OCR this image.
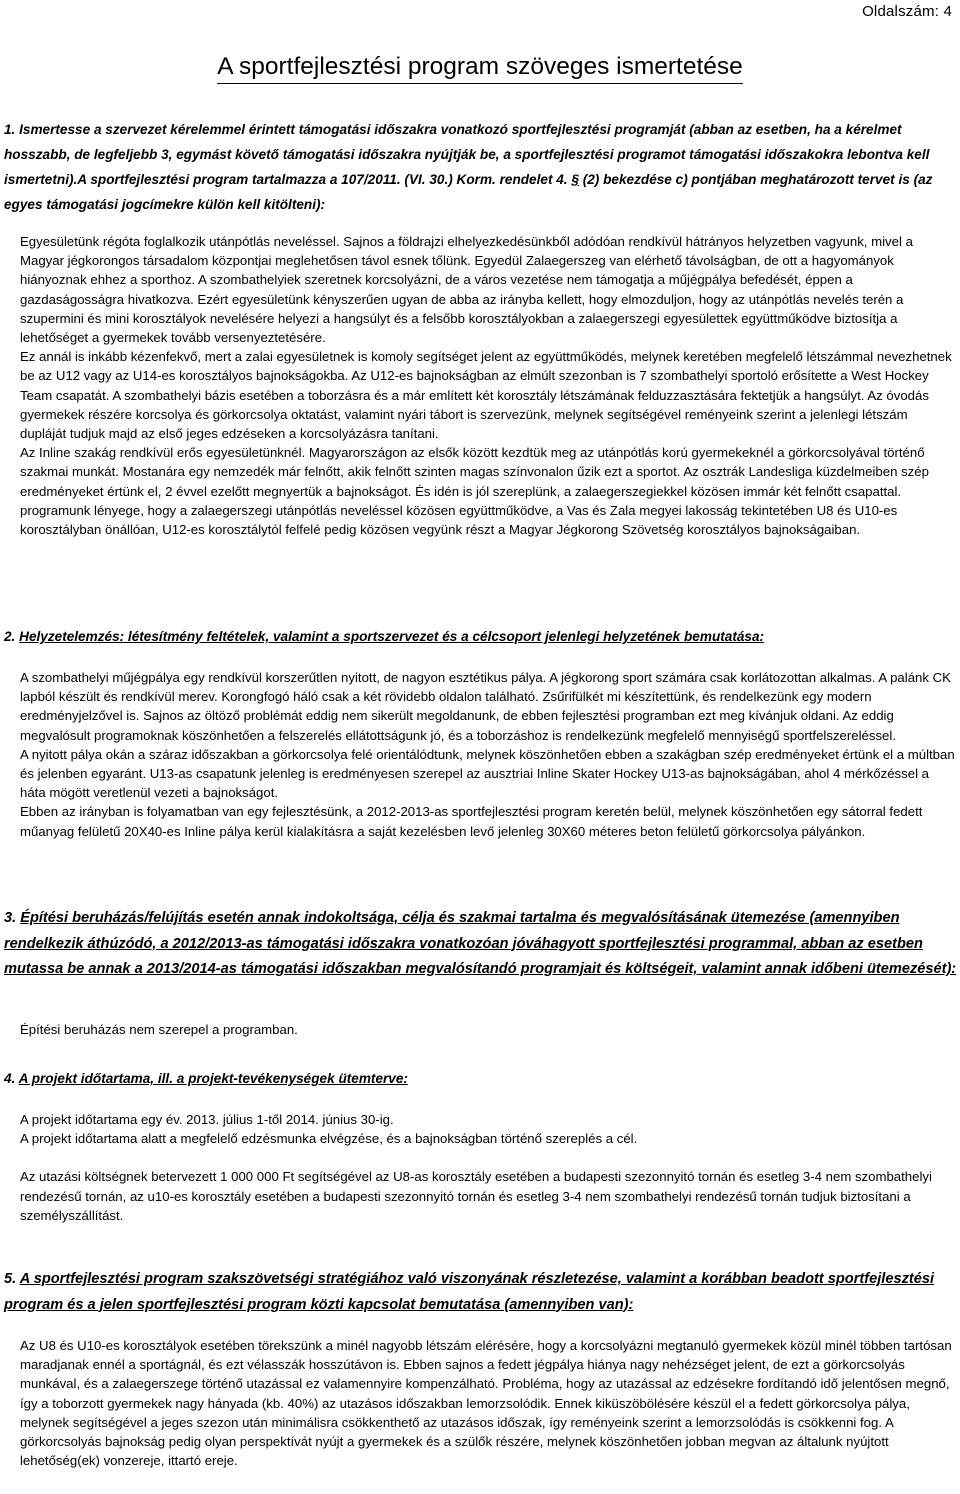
Oldalszám: 4
A sportfejlesztési program szöveges ismertetése
1. Ismertesse a szervezet kérelemmel érintett támogatási időszakra vonatkozó sportfejlesztési programját (abban az esetben, ha a kérelmet hosszabb, de legfeljebb 3, egymást követő támogatási időszakra nyújtják be, a sportfejlesztési programot támogatási időszakokra lebontva kell ismertetni).A sportfejlesztési program tartalmazza a 107/2011. (VI. 30.) Korm. rendelet 4. § (2) bekezdése c) pontjában meghatározott tervet is (az egyes támogatási jogcímekre külön kell kitölteni):

Egyesületünk régóta foglalkozik utánpótlás neveléssel. Sajnos a földrajzi elhelyezkedésünkből adódóan rendkívül hátrányos helyzetben vagyunk, mivel a Magyar jégkorongos társadalom központjai meglehetősen távol esnek tőlünk. Egyedül Zalaegerszeg van elérhető távolságban, de ott a hagyományok hiányoznak ehhez a sporthoz. A szombathelyiek szeretnek korcsolyázni, de a város vezetése nem támogatja a műjégpálya befedését, éppen a gazdaságosságra hivatkozva. Ezért egyesületünk kényszerűen ugyan de abba az irányba kellett, hogy elmozduljon, hogy az utánpótlás nevelés terén a szupermini és mini korosztályok nevelésére helyezi a hangsúlyt és a felsőbb korosztályokban a zalaegerszegi egyesülettek együttműködve biztosítja a lehetőséget a gyermekek tovább versenyeztetésére.

Ez annál is inkább kézenfekvő, mert a zalai egyesületnek is komoly segítséget jelent az együttműködés, melynek keretében megfelelő létszámmal nevezhetnek be az U12 vagy az U14-es korosztályos bajnokságokba. Az U12-es bajnokságban az elmúlt szezonban is 7 szombathelyi sportoló erősítette a West Hockey Team csapatát. A szombathelyi bázis esetében a toborzásra és a már említett két korosztály létszámának felduzzasztására fektetjük a hangsúlyt. Az óvodás gyermekek részére korcsolya és görkorcsolya oktatást, valamint nyári tábort is szervezünk, melynek segítségével reményeink szerint a jelenlegi létszám dupláját tudjuk majd az első jeges edzéseken a korcsolyázásra tanítani.

Az Inline szakág rendkívül erős egyesületünknél. Magyarországon az elsők között kezdtük meg az utánpótlás korú gyermekeknél a görkorcsolyával történő szakmai munkát. Mostanára egy nemzedék már felnőtt, akik felnőtt szinten magas színvonalon űzik ezt a sportot. Az osztrák Landesliga küzdelmeiben szép eredményeket értünk el, 2 évvel ezelőtt megnyertük a bajnokságot. És idén is jól szereplünk, a zalaegerszegiekkel közösen immár két felnőtt csapattal.

programunk lényege, hogy a zalaegerszegi utánpótlás neveléssel közösen együttműködve, a Vas és Zala megyei lakosság tekintetében U8 és U10-es korosztályban önállóan, U12-es korosztálytól felfelé pedig közösen vegyünk részt a Magyar Jégkorong Szövetség korosztályos bajnokságaiban.

2. Helyzetelemzés: létesítmény feltételek, valamint a sportszervezet és a célcsoport jelenlegi helyzetének bemutatása:

A szombathelyi műjégpálya egy rendkívül korszerűtlen nyitott, de nagyon esztétikus pálya. A jégkorong sport számára csak korlátozottan alkalmas. A palánk CK lapból készült és rendkívül merev. Korongfogó háló csak a két rövidebb oldalon található. Zsűrifülkét mi készítettünk, és rendelkezünk egy modern eredményjelzővel is. Sajnos az öltöző problémát eddig nem sikerült megoldanunk, de ebben fejlesztési programban ezt meg kívánjuk oldani. Az eddig megvalósult programoknak köszönhetően a felszerelés ellátottságunk jó, és a toborzáshoz is rendelkezünk megfelelő mennyiségű sportfelszereléssel.

A nyitott pálya okán a száraz időszakban a görkorcsolya felé orientálódtunk, melynek köszönhetően ebben a szakágban szép eredményeket értünk el a múltban és jelenben egyaránt. U13-as csapatunk jelenleg is eredményesen szerepel az ausztriai Inline Skater Hockey U13-as bajnokságában, ahol 4 mérkőzéssel a háta mögött veretlenül vezeti a bajnokságot.

Ebben az irányban is folyamatban van egy fejlesztésünk, a 2012-2013-as sportfejlesztési program keretén belül, melynek köszönhetően egy sátorral fedett műanyag felületű 20X40-es Inline pálya kerül kialakításra a saját kezelésben levő jelenleg 30X60 méteres beton felületű görkorcsolya pályánkon.

3. Építési beruházás/felújítás esetén annak indokoltsága, célja és szakmai tartalma és megvalósításának ütemezése (amennyiben rendelkezik áthúzódó, a 2012/2013-as támogatási időszakra vonatkozóan jóváhagyott sportfejlesztési programmal, abban az esetben mutassa be annak a 2013/2014-as támogatási időszakban megvalósítandó programjait és költségeit, valamint annak időbeni ütemezését):

Építési beruházás nem szerepel a programban.

4. A projekt időtartama, ill. a projekt-tevékenységek ütemterve:

A projekt időtartama egy év. 2013. július 1-től 2014. június 30-ig.

A projekt időtartama alatt a megfelelő edzésmunka elvégzése, és a bajnokságban történő szereplés a cél.

Az utazási költségnek betervezett 1 000 000 Ft segítségével az U8-as korosztály esetében a budapesti szezonnyitó tornán és esetleg 3-4 nem szombathelyi rendezésű tornán, az u10-es korosztály esetében a budapesti szezonnyitó tornán és esetleg 3-4 nem szombathelyi rendezésű tornán tudjuk biztosítani a személyszállítást.

5. A sportfejlesztési program szakszövetségi stratégiához való viszonyának részletezése, valamint a korábban beadott sportfejlesztési program és a jelen sportfejlesztési program közti kapcsolat bemutatása (amennyiben van):

Az U8 és U10-es korosztályok esetében törekszünk a minél nagyobb létszám elérésére, hogy a korcsolyázni megtanuló gyermekek közül minél többen tartósan maradjanak ennél a sportágnál, és ezt vélasszák hosszútávon is. Ebben sajnos a fedett jégpálya hiánya nagy nehézséget jelent, de ezt a görkorcsolyás munkával, és a zalaegerszege történő utazással ez valamennyire kompenzálható. Probléma, hogy az utazással az edzésekre fordítandó idő jelentősen megnő, így a toborzott gyermekek nagy hányada (kb. 40%) az utazásos időszakban lemorzsolódik. Ennek kiküszöbölésére készül el a fedett görkorcsolya pálya, melynek segítségével a jeges szezon után minimálisra csökkenthető az utazásos időszak, így reményeink szerint a lemorzsolódás is csökkenni fog. A görkorcsolyás bajnokság pedig olyan perspektívát nyújt a gyermekek és a szülők részére, melynek köszönhetően jobban megvan az általunk nyújtott lehetőség(ek) vonzereje, ittartó ereje.
